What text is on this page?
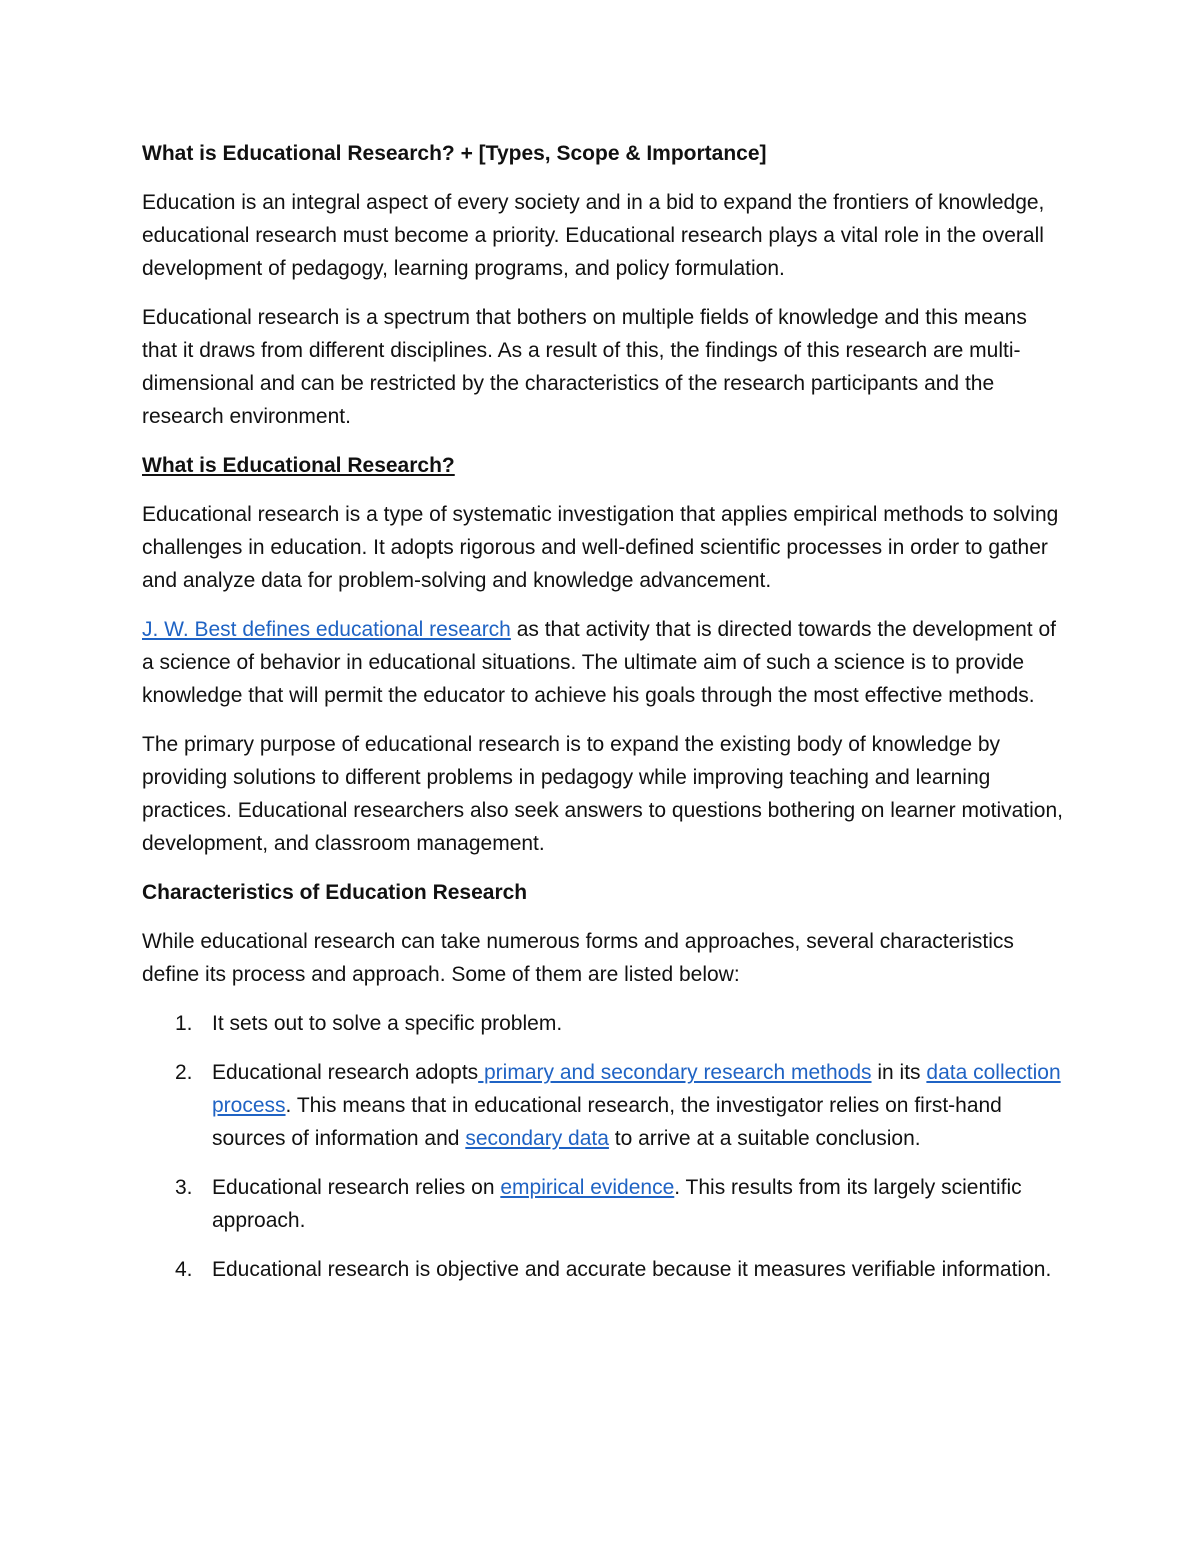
What is Educational Research? + [Types, Scope & Importance]

Education is an integral aspect of every society and in a bid to expand the frontiers of knowledge, educational research must become a priority. Educational research plays a vital role in the overall development of pedagogy, learning programs, and policy formulation.

Educational research is a spectrum that bothers on multiple fields of knowledge and this means that it draws from different disciplines. As a result of this, the findings of this research are multi-dimensional and can be restricted by the characteristics of the research participants and the research environment.

What is Educational Research?

Educational research is a type of systematic investigation that applies empirical methods to solving challenges in education. It adopts rigorous and well-defined scientific processes in order to gather and analyze data for problem-solving and knowledge advancement.

J. W. Best defines educational research as that activity that is directed towards the development of a science of behavior in educational situations. The ultimate aim of such a science is to provide knowledge that will permit the educator to achieve his goals through the most effective methods.

The primary purpose of educational research is to expand the existing body of knowledge by providing solutions to different problems in pedagogy while improving teaching and learning practices. Educational researchers also seek answers to questions bothering on learner motivation, development, and classroom management.

Characteristics of Education Research

While educational research can take numerous forms and approaches, several characteristics define its process and approach. Some of them are listed below:

1. It sets out to solve a specific problem.
2. Educational research adopts primary and secondary research methods in its data collection process. This means that in educational research, the investigator relies on first-hand sources of information and secondary data to arrive at a suitable conclusion.
3. Educational research relies on empirical evidence. This results from its largely scientific approach.
4. Educational research is objective and accurate because it measures verifiable information.
